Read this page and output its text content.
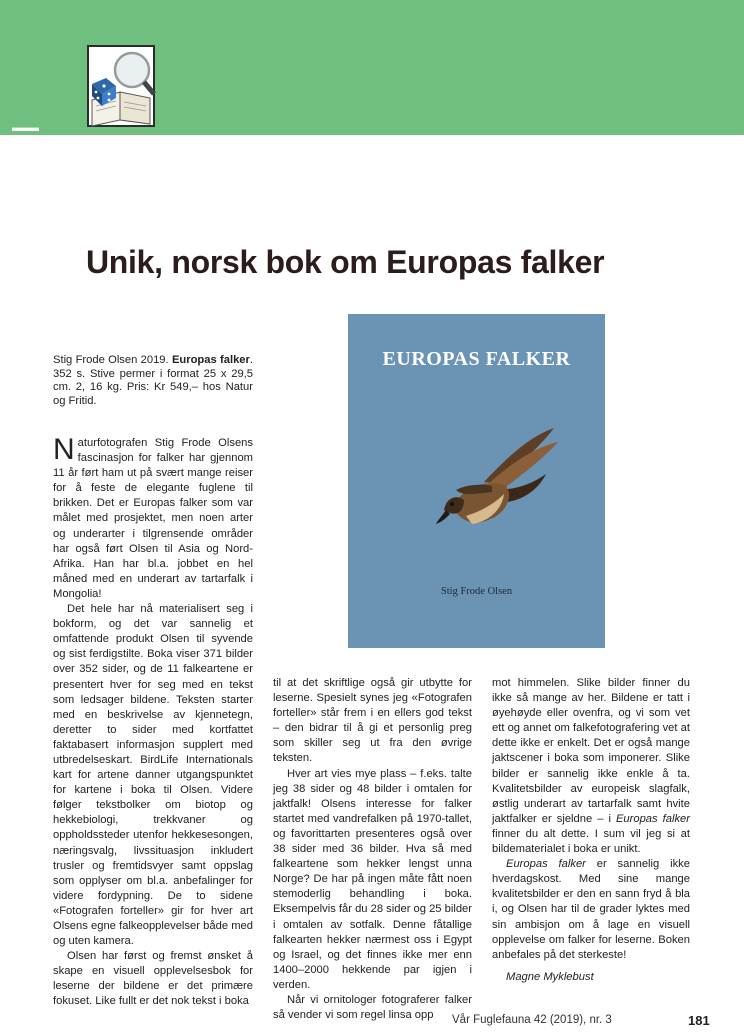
Anmeldelser
Unik, norsk bok om Europas falker
Stig Frode Olsen 2019. Europas falker. 352 s. Stive permer i format 25 x 29,5 cm. 2, 16 kg. Pris: Kr 549,– hos Natur og Fritid.
EUROPAS FALKER
Stig Frode Olsen

Naturfotografen Stig Frode Olsens fascinasjon for falker har gjennom 11 år ført ham ut på svært mange reiser for å feste de elegante fuglene til brikken. Det er Europas falker som var målet med prosjektet, men noen arter og underarter i tilgrensende områder har også ført Olsen til Asia og Nord-Afrika. Han har bl.a. jobbet en hel måned med en underart av tartarfalk i Mongolia!

Det hele har nå materialisert seg i bokform, og det var sannelig et omfattende produkt Olsen til syvende og sist ferdigstilte. Boka viser 371 bilder over 352 sider, og de 11 falkeartene er presentert hver for seg med en tekst som ledsager bildene. Teksten starter med en beskrivelse av kjennetegn, deretter to sider med kortfattet faktabasert informasjon supplert med utbredelseskart. BirdLife Internationals kart for artene danner utgangspunktet for kartene i boka til Olsen. Videre følger tekstbolker om biotop og hekkebiologi, trekkvaner og oppholdssteder utenfor hekkesesongen, næringsvalg, livssituasjon inkludert trusler og fremtidsvyer samt oppslag som opplyser om bl.a. anbefalinger for videre fordypning. De to sidene «Fotografen forteller» gir for hver art Olsens egne falkeopplevelser både med og uten kamera.

Olsen har først og fremst ønsket å skape en visuell opplevelsesbok for leserne der bildene er det primære fokuset. Like fullt er det nok tekst i boka

til at det skriftlige også gir utbytte for leserne. Spesielt synes jeg «Fotografen forteller» står frem i en ellers god tekst – den bidrar til å gi et personlig preg som skiller seg ut fra den øvrige teksten.

Hver art vies mye plass – f.eks. talte jeg 38 sider og 48 bilder i omtalen for jaktfalk! Olsens interesse for falker startet med vandrefalken på 1970-tallet, og favorittarten presenteres også over 38 sider med 36 bilder. Hva så med falkeartene som hekker lengst unna Norge? De har på ingen måte fått noen stemoderlig behandling i boka. Eksempelvis får du 28 sider og 25 bilder i omtalen av sotfalk. Denne fåtallige falkearten hekker nærmest oss i Egypt og Israel, og det finnes ikke mer enn 1400–2000 hekkende par igjen i verden.

Når vi ornitologer fotograferer falker så vender vi som regel linsa opp

mot himmelen. Slike bilder finner du ikke så mange av her. Bildene er tatt i øyehøyde eller ovenfra, og vi som vet ett og annet om falkefotografering vet at dette ikke er enkelt. Det er også mange jaktscener i boka som imponerer. Slike bilder er sannelig ikke enkle å ta. Kvalitetsbilder av europeisk slagfalk, østlig underart av tartarfalk samt hvite jaktfalker er sjeldne – i Europas falker finner du alt dette. I sum vil jeg si at bildematerialet i boka er unikt.

Europas falker er sannelig ikke hverdagskost. Med sine mange kvalitetsbilder er den en sann fryd å bla i, og Olsen har til de grader lyktes med sin ambisjon om å lage en visuell opplevelse om falker for leserne. Boken anbefales på det sterkeste!

Magne Myklebust

Vår Fuglefauna 42 (2019), nr. 3	181
